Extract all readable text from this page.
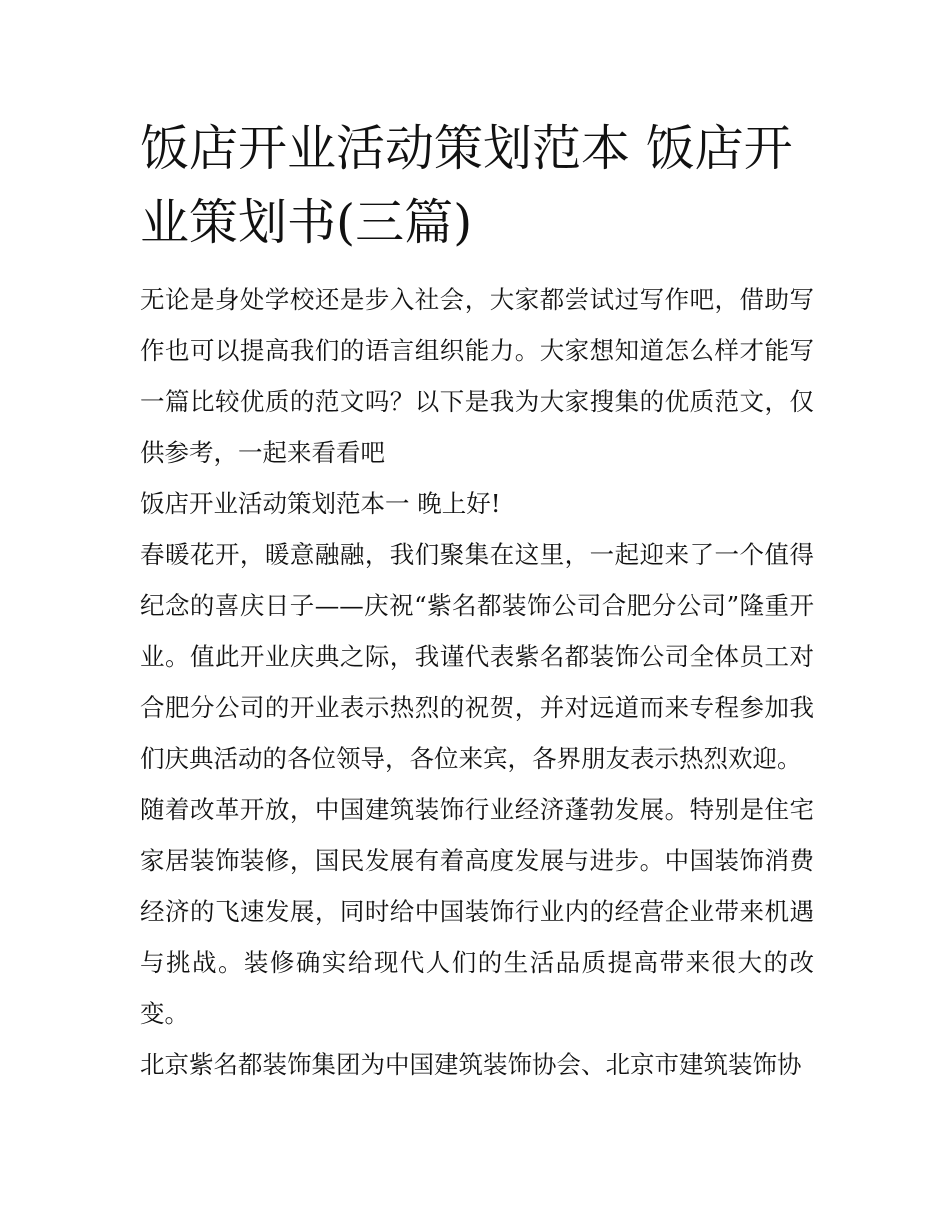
饭店开业活动策划范本 饭店开业策划书(三篇)

无论是身处学校还是步入社会，大家都尝试过写作吧，借助写作也可以提高我们的语言组织能力。大家想知道怎么样才能写一篇比较优质的范文吗？以下是我为大家搜集的优质范文，仅供参考，一起来看看吧

饭店开业活动策划范本一 晚上好!

春暖花开，暖意融融，我们聚集在这里，一起迎来了一个值得纪念的喜庆日子——庆祝“紫名都装饰公司合肥分公司”隆重开业。值此开业庆典之际，我谨代表紫名都装饰公司全体员工对合肥分公司的开业表示热烈的祝贺，并对远道而来专程参加我们庆典活动的各位领导，各位来宾，各界朋友表示热烈欢迎。

随着改革开放，中国建筑装饰行业经济蓬勃发展。特别是住宅家居装饰装修，国民发展有着高度发展与进步。中国装饰消费经济的飞速发展，同时给中国装饰行业内的经营企业带来机遇与挑战。装修确实给现代人们的生活品质提高带来很大的改变。

北京紫名都装饰集团为中国建筑装饰协会、北京市建筑装饰协
